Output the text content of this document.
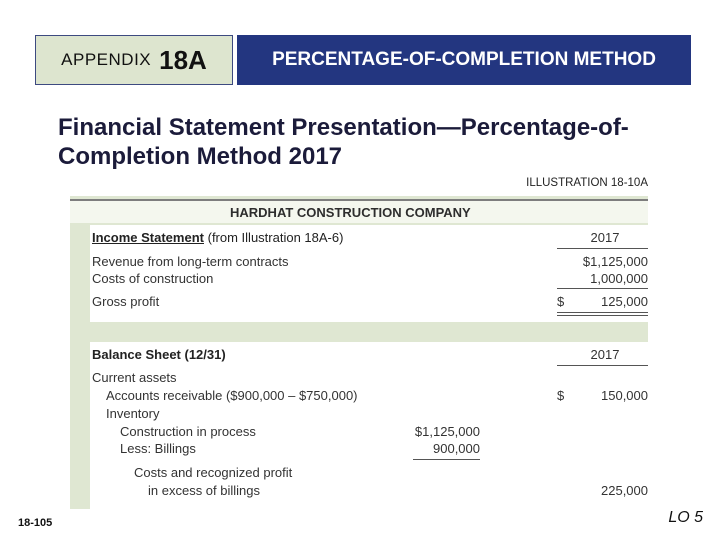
APPENDIX 18A	PERCENTAGE-OF-COMPLETION METHOD
Financial Statement Presentation—Percentage-of-Completion Method 2017
ILLUSTRATION 18-10A
HARDHAT CONSTRUCTION COMPANY
Income Statement (from Illustration 18A-6)	2017
Revenue from long-term contracts	$1,125,000
Costs of construction	1,000,000
Gross profit	$	125,000
Balance Sheet (12/31)	2017
Current assets
Accounts receivable ($900,000 – $750,000)	$	150,000
Inventory
Construction in process	$1,125,000
Less: Billings	900,000
Costs and recognized profit
in excess of billings	225,000
18-105	LO 5
